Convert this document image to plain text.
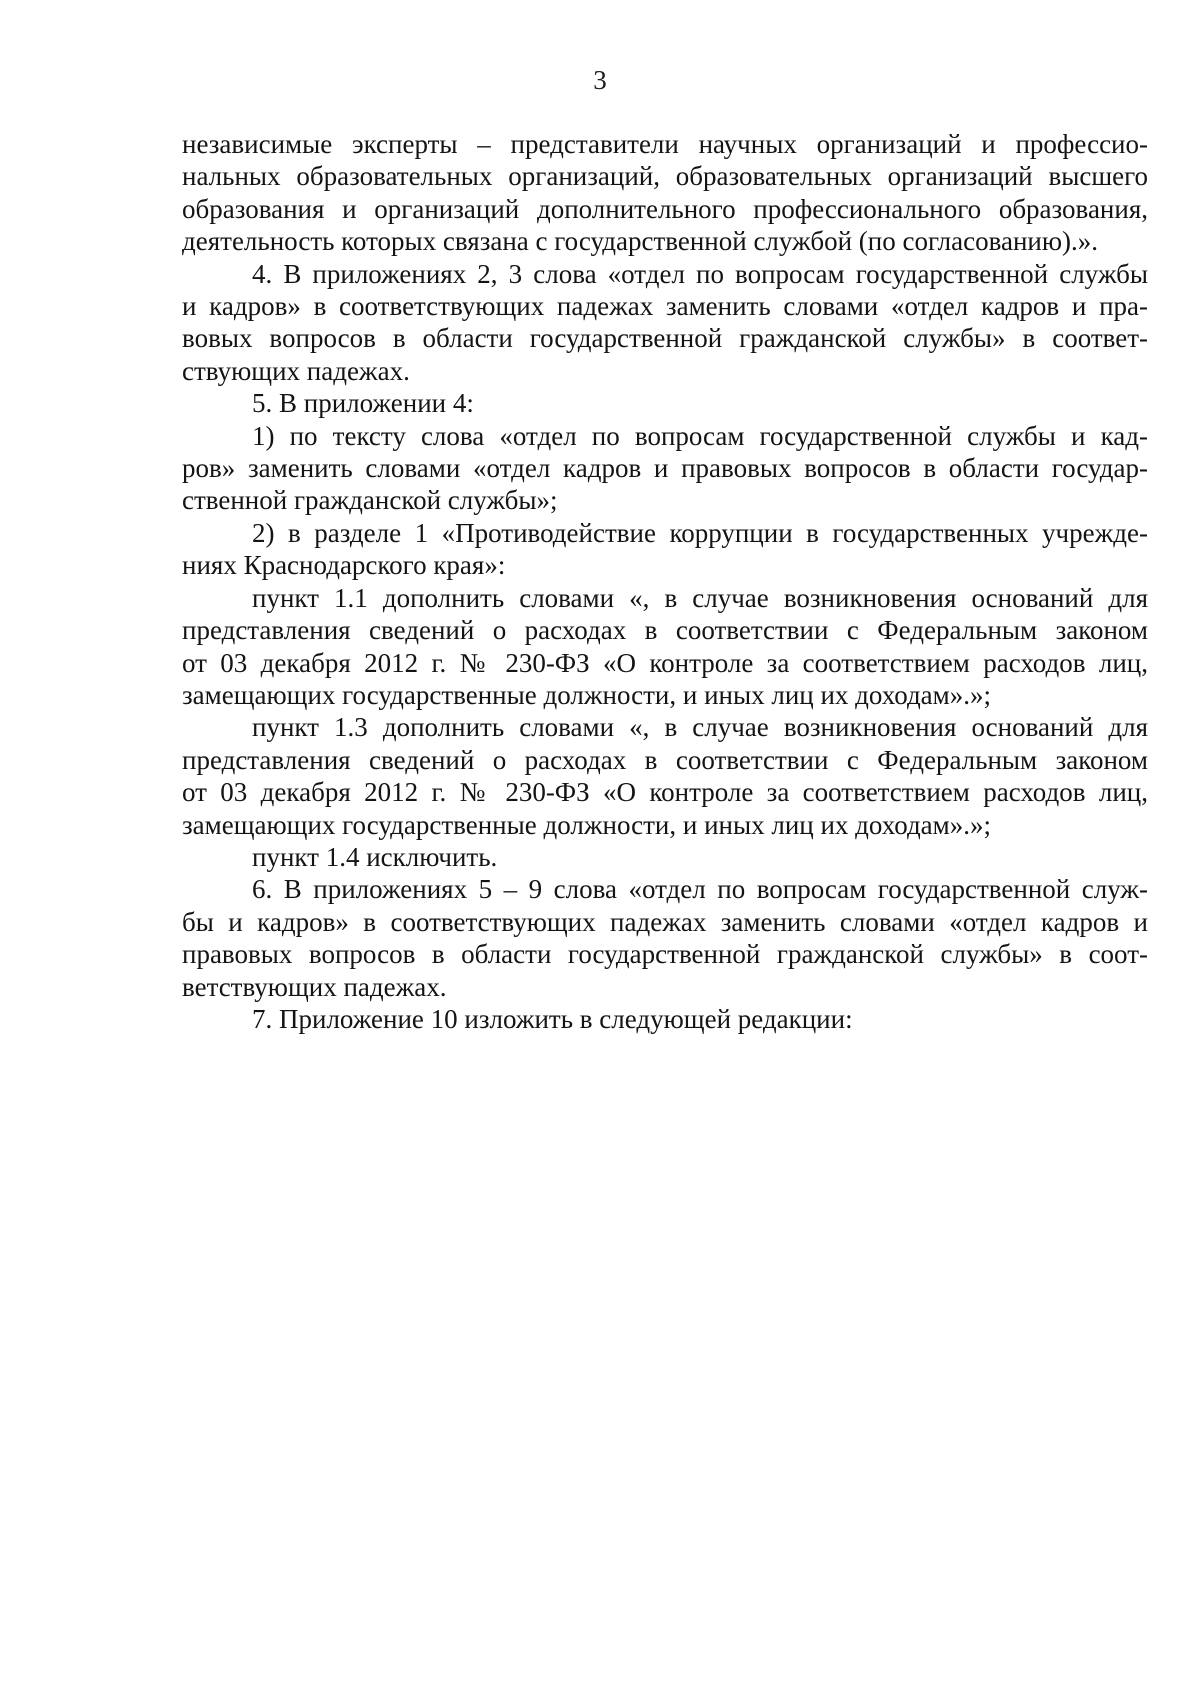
3

независимые эксперты – представители научных организаций и профессио-

нальных образовательных организаций, образовательных организаций высшего

образования и организаций дополнительного профессионального образования,

деятельность которых связана с государственной службой (по согласованию).».

4. В приложениях 2, 3 слова «отдел по вопросам государственной службы

и кадров» в соответствующих падежах заменить словами «отдел кадров и пра-

вовых вопросов в области государственной гражданской службы» в соответ-

ствующих падежах.

5. В приложении 4:

1) по тексту слова «отдел по вопросам государственной службы и кад-

ров» заменить словами «отдел кадров и правовых вопросов в области государ-

ственной гражданской службы»;

2) в разделе 1 «Противодействие коррупции в государственных учрежде-

ниях Краснодарского края»:

пункт 1.1 дополнить словами «, в случае возникновения оснований для

представления сведений о расходах в соответствии с Федеральным законом

от 03 декабря 2012 г. № 230-ФЗ «О контроле за соответствием расходов лиц,

замещающих государственные должности, и иных лиц их доходам».»;

пункт 1.3 дополнить словами «, в случае возникновения оснований для

представления сведений о расходах в соответствии с Федеральным законом

от 03 декабря 2012 г. № 230-ФЗ «О контроле за соответствием расходов лиц,

замещающих государственные должности, и иных лиц их доходам».»;

пункт 1.4 исключить.

6. В приложениях 5 – 9 слова «отдел по вопросам государственной служ-

бы и кадров» в соответствующих падежах заменить словами «отдел кадров и

правовых вопросов в области государственной гражданской службы» в соот-

ветствующих падежах.

7. Приложение 10 изложить в следующей редакции:
